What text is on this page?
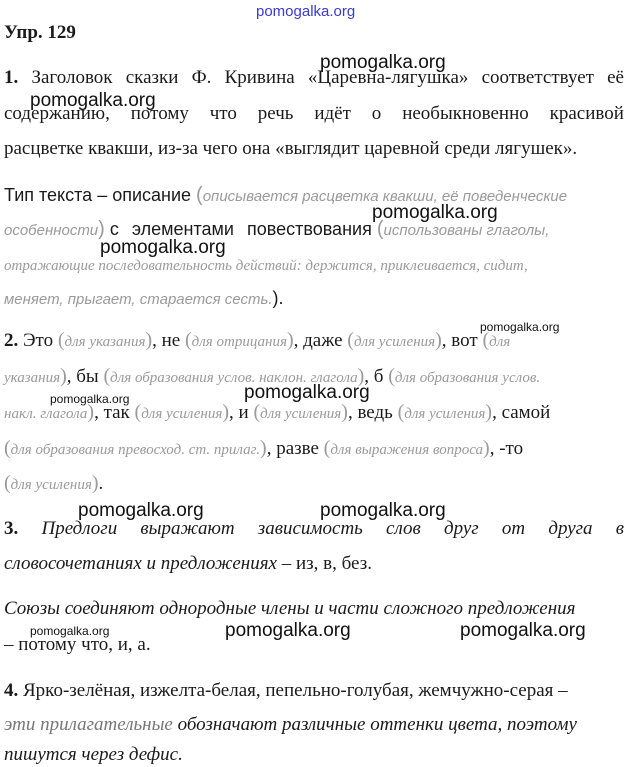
pomogalka.org
pomogalka.org
pomogalka.org
pomogalka.org
pomogalka.org
pomogalka.org
pomogalka.org	pomogalka.org
pomogalka.org	pomogalka.org
pomogalka.org	pomogalka.org	pomogalka.org
Упр. 129
1. Заголовок сказки Ф. Кривина «Царевна-лягушка» соответствует её
содержанию, потому что речь идёт о необыкновенно красивой
расцветке квакши, из-за чего она «выглядит царевной среди лягушек».
Тип текста – описание (описывается расцветка квакши, её поведенческие
особенности) с элементами повествования (использованы глаголы,
отражающие последовательность действий: держится, приклеивается, сидит,
меняет, прыгает, старается сесть.).
2. Это (для указания), не (для отрицания), даже (для усиления), вот (для
указания), бы (для образования услов. наклон. глагола), б (для образования услов.
накл. глагола), так (для усиления), и (для усиления), ведь (для усиления), самой
(для образования превосход. ст. прилаг.), разве (для выражения вопроса), -то
(для усиления).
3. Предлоги выражают зависимость слов друг от друга в
словосочетаниях и предложениях – из, в, без.
Союзы соединяют однородные члены и части сложного предложения
– потому что, и, а.
4. Ярко-зелёная, изжелта-белая, пепельно-голубая, жемчужно-серая –
эти прилагательные обозначают различные оттенки цвета, поэтому
пишутся через дефис.
